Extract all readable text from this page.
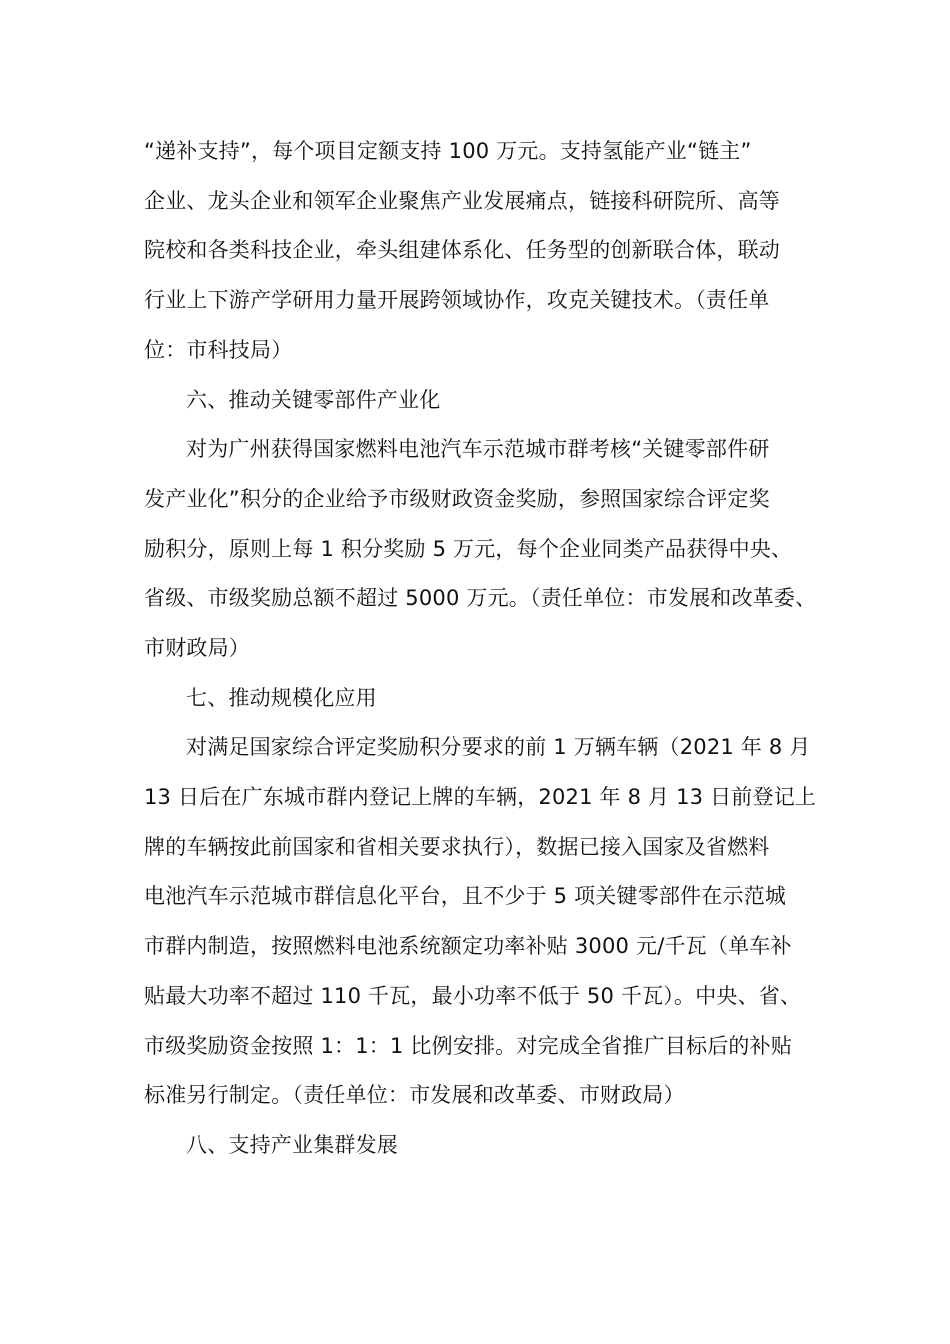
“递补支持”，每个项目定额支持 100 万元。支持氢能产业“链主”
企业、龙头企业和领军企业聚焦产业发展痛点，链接科研院所、高等
院校和各类科技企业，牵头组建体系化、任务型的创新联合体，联动
行业上下游产学研用力量开展跨领域协作，攻克关键技术。（责任单
位：市科技局）
六、推动关键零部件产业化
对为广州获得国家燃料电池汽车示范城市群考核“关键零部件研
发产业化”积分的企业给予市级财政资金奖励，参照国家综合评定奖
励积分，原则上每 1 积分奖励 5 万元，每个企业同类产品获得中央、
省级、市级奖励总额不超过 5000 万元。（责任单位：市发展和改革委、
市财政局）
七、推动规模化应用
对满足国家综合评定奖励积分要求的前 1 万辆车辆（2021 年 8 月
13 日后在广东城市群内登记上牌的车辆，2021 年 8 月 13 日前登记上
牌的车辆按此前国家和省相关要求执行），数据已接入国家及省燃料
电池汽车示范城市群信息化平台，且不少于 5 项关键零部件在示范城
市群内制造，按照燃料电池系统额定功率补贴 3000 元/千瓦（单车补
贴最大功率不超过 110 千瓦，最小功率不低于 50 千瓦）。中央、省、
市级奖励资金按照 1：1：1 比例安排。对完成全省推广目标后的补贴
标准另行制定。（责任单位：市发展和改革委、市财政局）
八、支持产业集群发展
